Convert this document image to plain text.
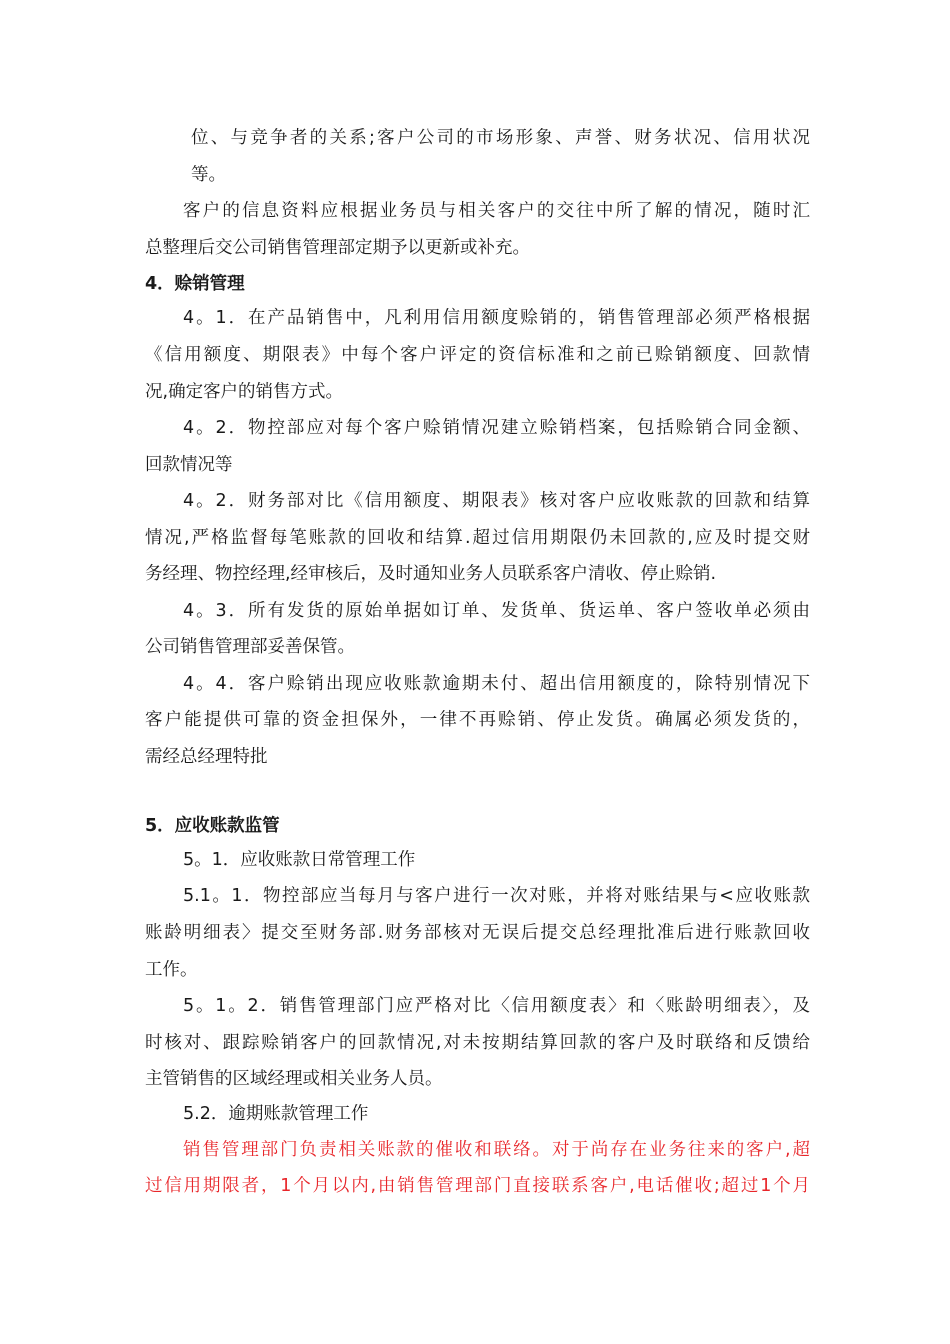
位、与竞争者的关系;客户公司的市场形象、声誉、财务状况、信用状况
等。
客户的信息资料应根据业务员与相关客户的交往中所了解的情况，随时汇
总整理后交公司销售管理部定期予以更新或补充。
4．赊销管理
4。1．在产品销售中，凡利用信用额度赊销的，销售管理部必须严格根据
《信用额度、期限表》中每个客户评定的资信标准和之前已赊销额度、回款情
况,确定客户的销售方式。
4。2．物控部应对每个客户赊销情况建立赊销档案，包括赊销合同金额、
回款情况等
4。2．财务部对比《信用额度、期限表》核对客户应收账款的回款和结算
情况,严格监督每笔账款的回收和结算.超过信用期限仍未回款的,应及时提交财
务经理、物控经理,经审核后，及时通知业务人员联系客户清收、停止赊销.
4。3．所有发货的原始单据如订单、发货单、货运单、客户签收单必须由
公司销售管理部妥善保管。
4。4．客户赊销出现应收账款逾期未付、超出信用额度的，除特别情况下
客户能提供可靠的资金担保外，一律不再赊销、停止发货。确属必须发货的，
需经总经理特批
5．应收账款监管
5。1．应收账款日常管理工作
5.1。1．物控部应当每月与客户进行一次对账，并将对账结果与<应收账款
账龄明细表〉提交至财务部.财务部核对无误后提交总经理批准后进行账款回收
工作。
5。1。2．销售管理部门应严格对比〈信用额度表〉和〈账龄明细表〉，及
时核对、跟踪赊销客户的回款情况,对未按期结算回款的客户及时联络和反馈给
主管销售的区域经理或相关业务人员。
5.2．逾期账款管理工作
销售管理部门负责相关账款的催收和联络。对于尚存在业务往来的客户,超
过信用期限者，1个月以内,由销售管理部门直接联系客户,电话催收;超过1个月
